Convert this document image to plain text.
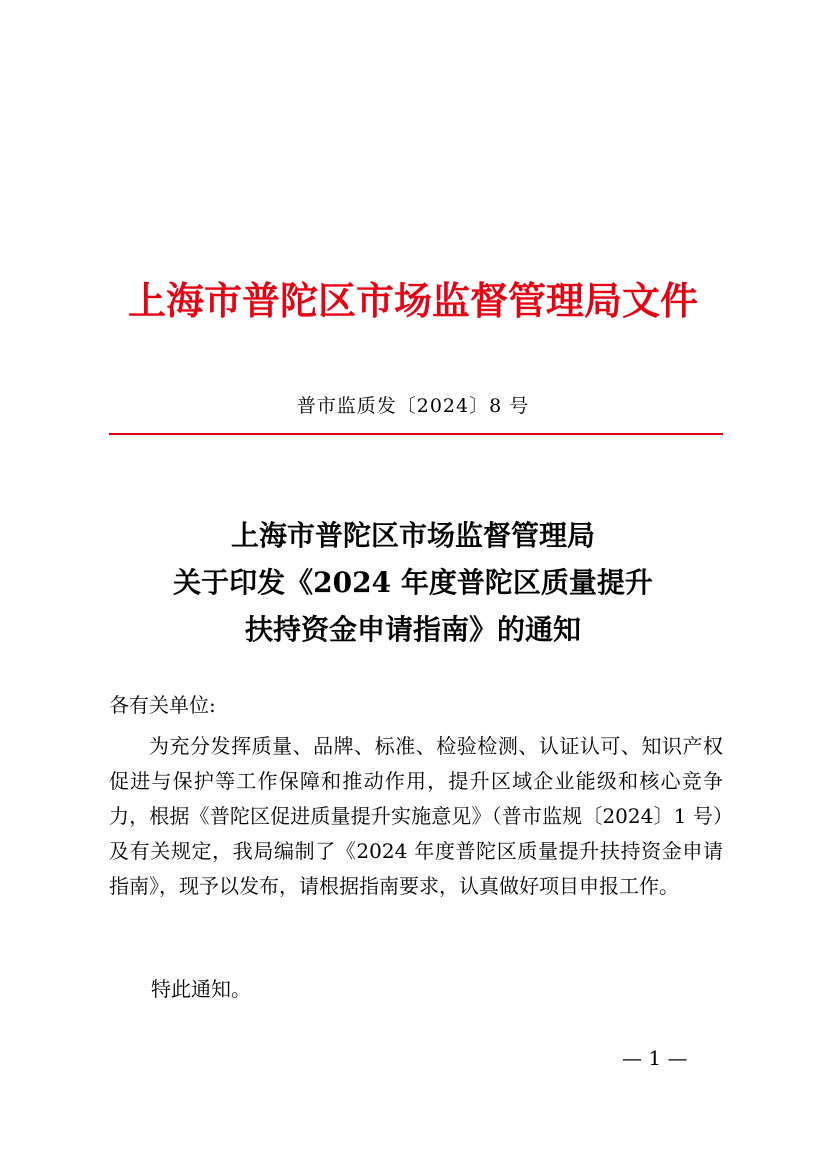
上海市普陀区市场监督管理局文件
普市监质发〔2024〕8 号
上海市普陀区市场监督管理局
关于印发《2024 年度普陀区质量提升
扶持资金申请指南》的通知
各有关单位:

为充分发挥质量、品牌、标准、检验检测、认证认可、知识产权促进与保护等工作保障和推动作用，提升区域企业能级和核心竞争力，根据《普陀区促进质量提升实施意见》（普市监规〔2024〕1 号）及有关规定，我局编制了《2024 年度普陀区质量提升扶持资金申请指南》，现予以发布，请根据指南要求，认真做好项目申报工作。

特此通知。
— 1 —
